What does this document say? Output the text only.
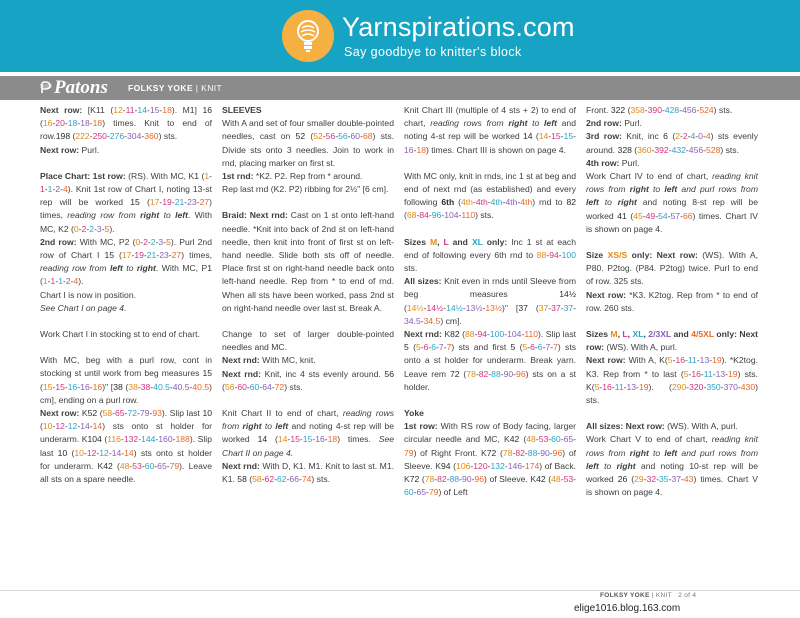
Yarnspirations.com
Say goodbye to knitter's block
Patons FOLKSY YOKE | KNIT

Next row: [K11 (12-11-14-15-18). M1] 16 (16-20-18-18-18) times. Knit to end of row.198 (222-250-276-304-360) sts.
Next row: Purl.

Place Chart: 1st row: (RS). With MC, K1 (1-1-1-2-4). Knit 1st row of Chart I, noting 13-st rep will be worked 15 (17-19-21-23-27) times, reading row from right to left. With MC, K2 (0-2-2-3-5).
2nd row: With MC, P2 (0-2-2-3-5). Purl 2nd row of Chart I 15 (17-19-21-23-27) times, reading row from left to right. With MC, P1 (1-1-1-2-4).
Chart I is now in position.
See Chart I on page 4.

Work Chart I in stocking st to end of chart.

With MC, beg with a purl row, cont in stocking st until work from beg measures 15 (15-15-16-16-16)" [38 (38-38-40.5-40.5-40.5) cm], ending on a purl row.
Next row: K52 (58-65-72-79-93). Slip last 10 (10-12-12-14-14) sts onto st holder for underarm. K104 (116-132-144-160-188). Slip last 10 (10-12-12-14-14) sts onto st holder for underarm. K42 (48-53-60-65-79). Leave all sts on a spare needle.

SLEEVES
With A and set of four smaller double-pointed needles, cast on 52 (52-56-56-60-68) sts. Divide sts onto 3 needles. Join to work in rnd, placing marker on first st.
1st rnd: *K2. P2. Rep from * around.
Rep last rnd (K2. P2) ribbing for 2½" [6 cm].

Braid: Next rnd: Cast on 1 st onto left-hand needle. *Knit into back of 2nd st on left-hand needle, then knit into front of first st on left-hand needle. Slide both sts off of needle. Place first st on right-hand needle back onto left-hand needle. Rep from * to end of rnd. When all sts have been worked, pass 2nd st on right-hand needle over last st. Break A.

Change to set of larger double-pointed needles and MC.
Next rnd: With MC, knit.
Next rnd: Knit, inc 4 sts evenly around. 56 (56-60-60-64-72) sts.

Knit Chart II to end of chart, reading rows from right to left and noting 4-st rep will be worked 14 (14-15-15-16-18) times. See Chart II on page 4.
Next rnd: With D, K1. M1. Knit to last st. M1. K1. 58 (58-62-62-66-74) sts.

Knit Chart III (multiple of 4 sts + 2) to end of chart, reading rows from right to left and noting 4-st rep will be worked 14 (14-15-15-16-18) times. Chart III is shown on page 4.

With MC only, knit in rnds, inc 1 st at beg and end of next rnd (as established) and every following 6th (4th-4th-4th-4th-4th) rnd to 82 (68-84-96-104-110) sts.

Sizes M, L and XL only: Inc 1 st at each end of following every 6th rnd to 88-94-100 sts.
All sizes: Knit even in rnds until Sleeve from beg measures 14½ (14½-14½-14½-13½-13½)" [37 (37-37-37-34.5-34.5) cm].
Next rnd: K82 (88-94-100-104-110). Slip last 5 (5-6-6-7-7) sts and first 5 (5-6-6-7-7) sts onto a st holder for underarm. Break yarn. Leave rem 72 (78-82-88-90-96) sts on a st holder.

Yoke
1st row: With RS row of Body facing, larger circular needle and MC, K42 (48-53-60-65-79) of Right Front. K72 (78-82-88-90-96) of Sleeve. K94 (106-120-132-146-174) of Back. K72 (78-82-88-90-96) of Sleeve. K42 (48-53-60-65-79) of Left

Front. 322 (358-390-428-456-524) sts.
2nd row: Purl.
3rd row: Knit, inc 6 (2-2-4-0-4) sts evenly around. 328 (360-392-432-456-528) sts.
4th row: Purl.
Work Chart IV to end of chart, reading knit rows from right to left and purl rows from left to right and noting 8-st rep will be worked 41 (45-49-54-57-66) times. Chart IV is shown on page 4.

Size XS/S only: Next row: (WS). With A, P80. P2tog. (P84. P2tog) twice. Purl to end of row. 325 sts.
Next row: *K3. K2tog. Rep from * to end of row. 260 sts.

Sizes M, L, XL, 2/3XL and 4/5XL only: Next row: (WS). With A, purl.
Next row: With A, K(5-16-11-13-19). *K2tog. K3. Rep from * to last (5-16-11-13-19) sts. K(5-16-11-13-19). (290-320-350-370-430) sts.

All sizes: Next row: (WS). With A, purl.
Work Chart V to end of chart, reading knit rows from right to left and purl rows from left to right and noting 10-st rep will be worked 26 (29-32-35-37-43) times. Chart V is shown on page 4.

FOLKSY YOKE | KNIT 2 of 4
elige1016.blog.163.com
